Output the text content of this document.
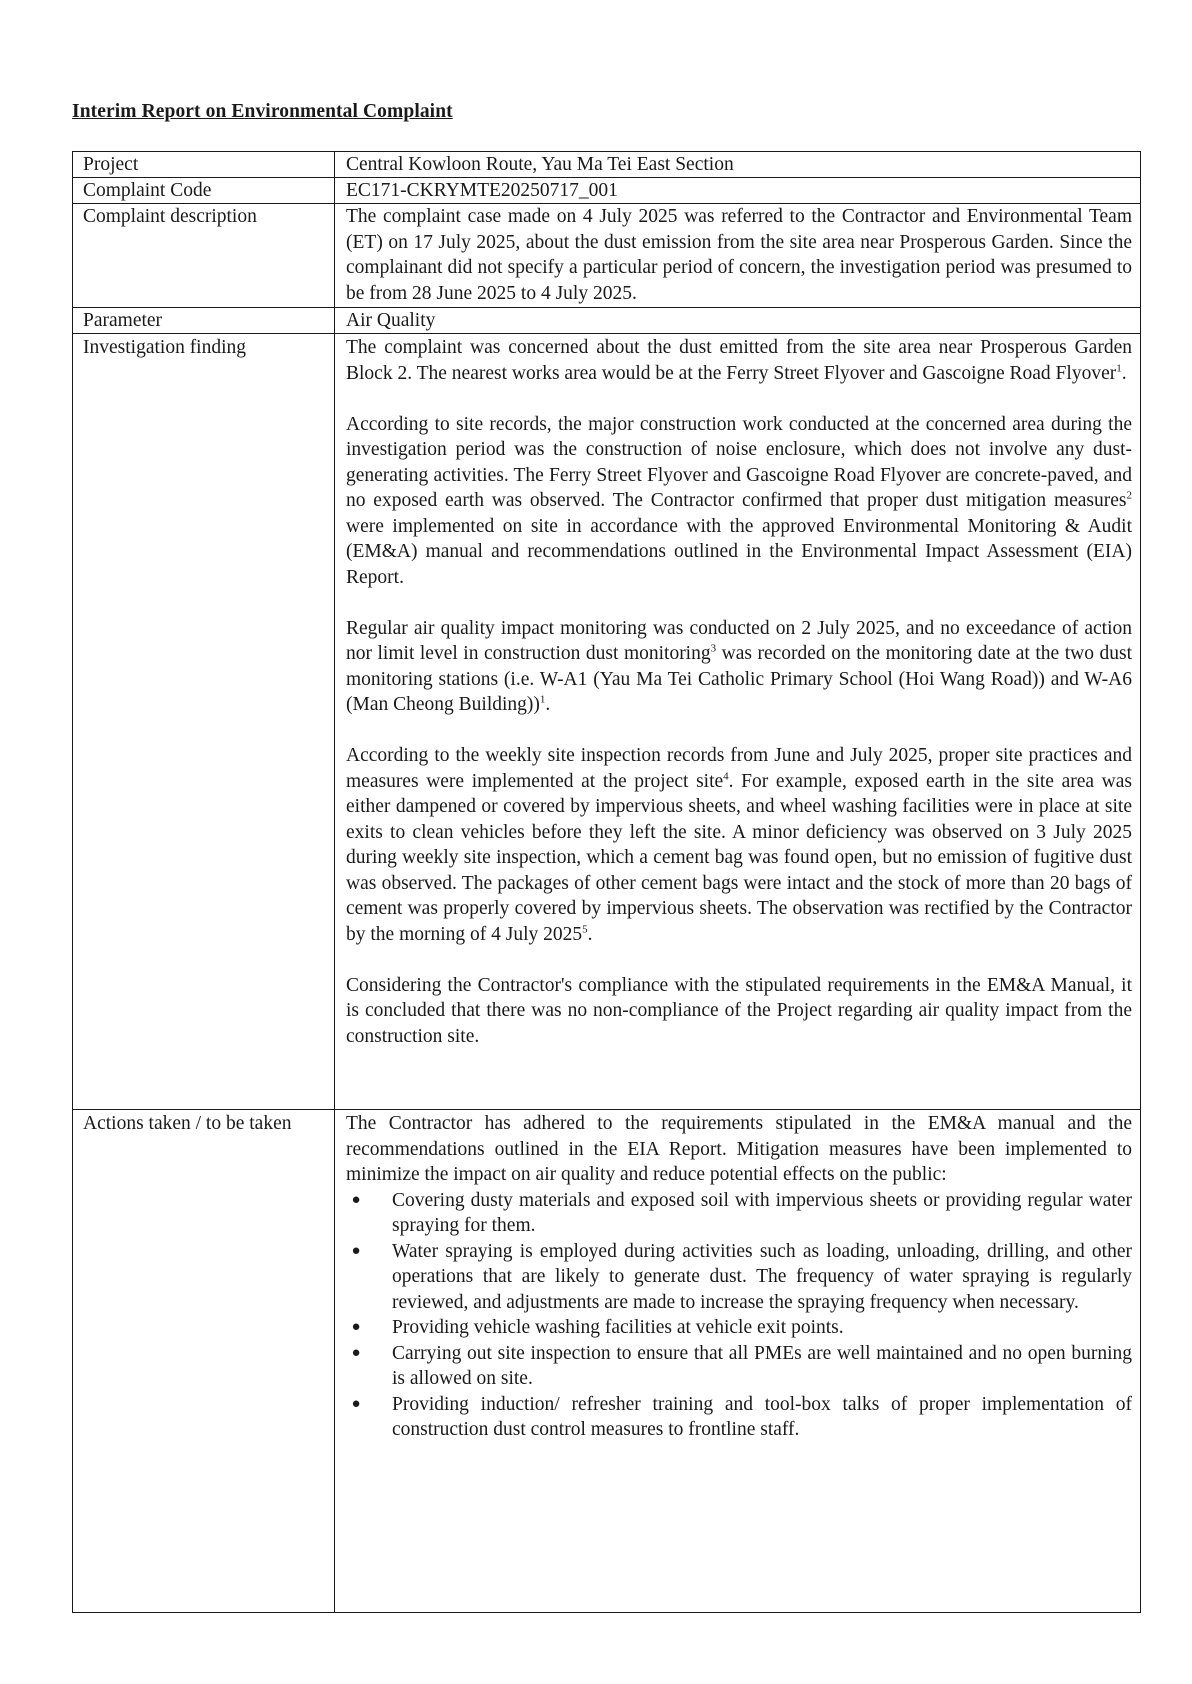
Interim Report on Environmental Complaint
Project	Central Kowloon Route, Yau Ma Tei East Section
Complaint Code	EC171-CKRYMTE20250717_001
Complaint description	The complaint case made on 4 July 2025 was referred to the Contractor and Environmental Team (ET) on 17 July 2025, about the dust emission from the site area near Prosperous Garden. Since the complainant did not specify a particular period of concern, the investigation period was presumed to be from 28 June 2025 to 4 July 2025.

Parameter	Air Quality
Investigation finding	The complaint was concerned about the dust emitted from the site area near Prosperous Garden Block 2. The nearest works area would be at the Ferry Street Flyover and Gascoigne Road Flyover$^1$.

According to site records, the major construction work conducted at the concerned area during the investigation period was the construction of noise enclosure, which does not involve any dust-generating activities. The Ferry Street Flyover and Gascoigne Road Flyover are concrete-paved, and no exposed earth was observed. The Contractor confirmed that proper dust mitigation measures$^2$ were implemented on site in accordance with the approved Environmental Monitoring & Audit (EM&A) manual and recommendations outlined in the Environmental Impact Assessment (EIA) Report.

Regular air quality impact monitoring was conducted on 2 July 2025, and no exceedance of action nor limit level in construction dust monitoring$^3$ was recorded on the monitoring date at the two dust monitoring stations (i.e. W-A1 (Yau Ma Tei Catholic Primary School (Hoi Wang Road)) and W-A6 (Man Cheong Building))$^1$.

According to the weekly site inspection records from June and July 2025, proper site practices and measures were implemented at the project site$^4$. For example, exposed earth in the site area was either dampened or covered by impervious sheets, and wheel washing facilities were in place at site exits to clean vehicles before they left the site. A minor deficiency was observed on 3 July 2025 during weekly site inspection, which a cement bag was found open, but no emission of fugitive dust was observed. The packages of other cement bags were intact and the stock of more than 20 bags of cement was properly covered by impervious sheets. The observation was rectified by the Contractor by the morning of 4 July 2025$^5$.

Considering the Contractor's compliance with the stipulated requirements in the EM&A Manual, it is concluded that there was no non-compliance of the Project regarding air quality impact from the construction site.

Actions taken / to be taken	The Contractor has adhered to the requirements stipulated in the EM&A manual and the recommendations outlined in the EIA Report. Mitigation measures have been implemented to minimize the impact on air quality and reduce potential effects on the public:

● Covering dusty materials and exposed soil with impervious sheets or providing regular water spraying for them.
● Water spraying is employed during activities such as loading, unloading, drilling, and other operations that are likely to generate dust. The frequency of water spraying is regularly reviewed, and adjustments are made to increase the spraying frequency when necessary.
● Providing vehicle washing facilities at vehicle exit points.
● Carrying out site inspection to ensure that all PMEs are well maintained and no open burning is allowed on site.
● Providing induction/ refresher training and tool-box talks of proper implementation of construction dust control measures to frontline staff.
